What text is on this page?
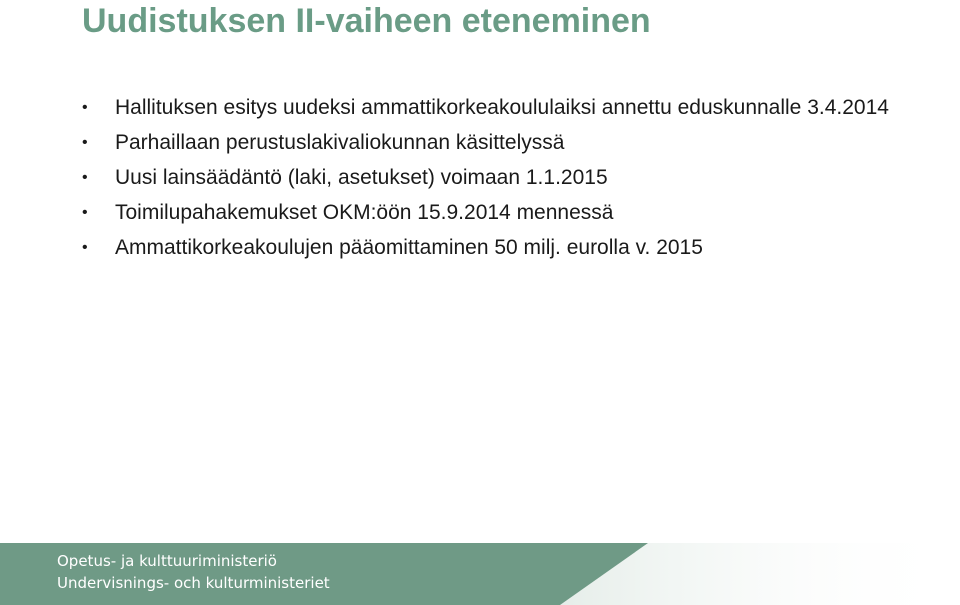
Uudistuksen II-vaiheen eteneminen
• Hallituksen esitys uudeksi ammattikorkeakoululaiksi annettu eduskunnalle 3.4.2014
• Parhaillaan perustuslakivaliokunnan käsittelyssä
• Uusi lainsäädäntö (laki, asetukset) voimaan 1.1.2015
• Toimilupahakemukset OKM:öön 15.9.2014 mennessä
• Ammattikorkeakoulujen pääomittaminen 50 milj. eurolla v. 2015
Opetus- ja kulttuuriministeriö
Undervisnings- och kulturministeriet
